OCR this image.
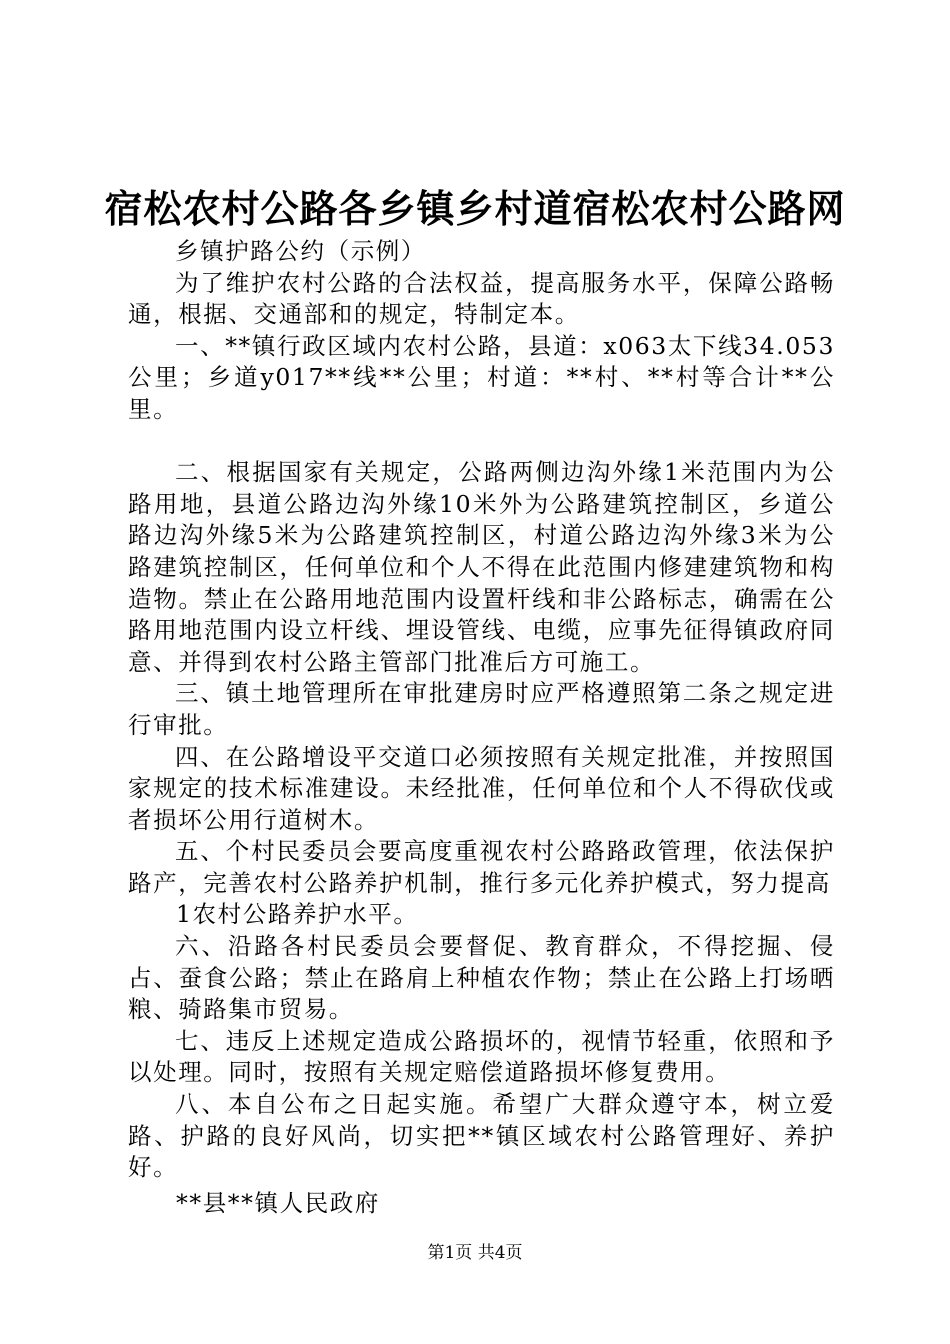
宿松农村公路各乡镇乡村道宿松农村公路网

乡镇护路公约（示例）

为了维护农村公路的合法权益，提高服务水平，保障公路畅通，根据、交通部和的规定，特制定本。

一、**镇行政区域内农村公路，县道：x063太下线34.053公里；乡道y017**线**公里；村道：**村、**村等合计**公里。

二、根据国家有关规定，公路两侧边沟外缘1米范围内为公路用地，县道公路边沟外缘10米外为公路建筑控制区，乡道公路边沟外缘5米为公路建筑控制区，村道公路边沟外缘3米为公路建筑控制区，任何单位和个人不得在此范围内修建建筑物和构造物。禁止在公路用地范围内设置杆线和非公路标志，确需在公路用地范围内设立杆线、埋设管线、电缆，应事先征得镇政府同意、并得到农村公路主管部门批准后方可施工。

三、镇土地管理所在审批建房时应严格遵照第二条之规定进行审批。

四、在公路增设平交道口必须按照有关规定批准，并按照国家规定的技术标准建设。未经批准，任何单位和个人不得砍伐或者损坏公用行道树木。

五、个村民委员会要高度重视农村公路路政管理，依法保护路产，完善农村公路养护机制，推行多元化养护模式，努力提高

1农村公路养护水平。

六、沿路各村民委员会要督促、教育群众，不得挖掘、侵占、蚕食公路；禁止在路肩上种植农作物；禁止在公路上打场晒粮、骑路集市贸易。

七、违反上述规定造成公路损坏的，视情节轻重，依照和予以处理。同时，按照有关规定赔偿道路损坏修复费用。

八、本自公布之日起实施。希望广大群众遵守本，树立爱路、护路的良好风尚，切实把**镇区域农村公路管理好、养护好。

**县**镇人民政府

第1页 共4页
